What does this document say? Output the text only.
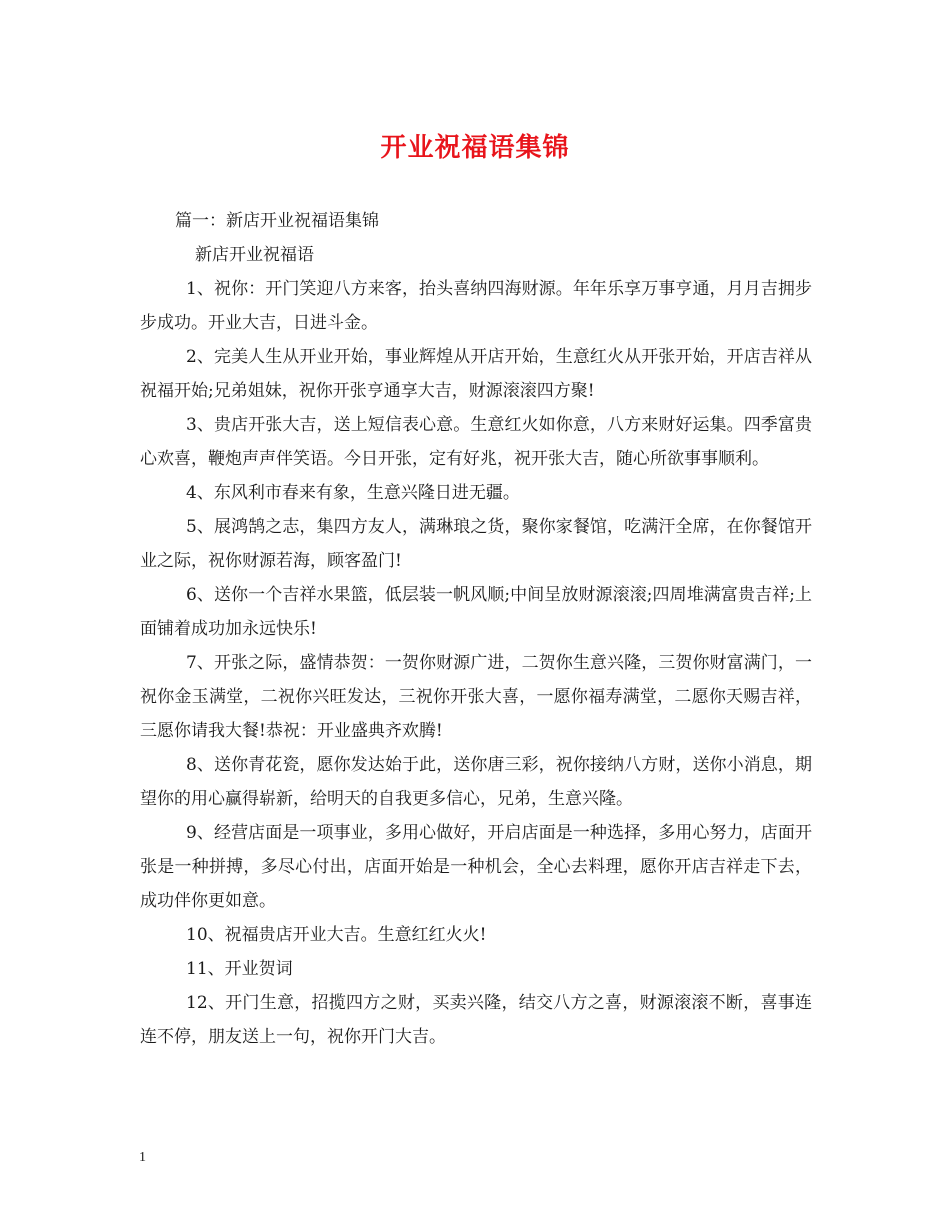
开业祝福语集锦
篇一：新店开业祝福语集锦
新店开业祝福语
1、祝你：开门笑迎八方来客，抬头喜纳四海财源。年年乐享万事亨通，月月吉拥步步成功。开业大吉，日进斗金。
2、完美人生从开业开始，事业辉煌从开店开始，生意红火从开张开始，开店吉祥从祝福开始;兄弟姐妹，祝你开张亨通享大吉，财源滚滚四方聚!
3、贵店开张大吉，送上短信表心意。生意红火如你意，八方来财好运集。四季富贵心欢喜，鞭炮声声伴笑语。今日开张，定有好兆，祝开张大吉，随心所欲事事顺利。
4、东风利市春来有象，生意兴隆日进无疆。
5、展鸿鹄之志，集四方友人，满琳琅之货，聚你家餐馆，吃满汗全席，在你餐馆开业之际，祝你财源若海，顾客盈门!
6、送你一个吉祥水果篮，低层装一帆风顺;中间呈放财源滚滚;四周堆满富贵吉祥;上面铺着成功加永远快乐!
7、开张之际，盛情恭贺：一贺你财源广进，二贺你生意兴隆，三贺你财富满门，一祝你金玉满堂，二祝你兴旺发达，三祝你开张大喜，一愿你福寿满堂，二愿你天赐吉祥，三愿你请我大餐!恭祝：开业盛典齐欢腾!
8、送你青花瓷，愿你发达始于此，送你唐三彩，祝你接纳八方财，送你小消息，期望你的用心赢得崭新，给明天的自我更多信心，兄弟，生意兴隆。
9、经营店面是一项事业，多用心做好，开启店面是一种选择，多用心努力，店面开张是一种拼搏，多尽心付出，店面开始是一种机会，全心去料理，愿你开店吉祥走下去，成功伴你更如意。
10、祝福贵店开业大吉。生意红红火火!
11、开业贺词
12、开门生意，招揽四方之财，买卖兴隆，结交八方之喜，财源滚滚不断，喜事连连不停，朋友送上一句，祝你开门大吉。
1
